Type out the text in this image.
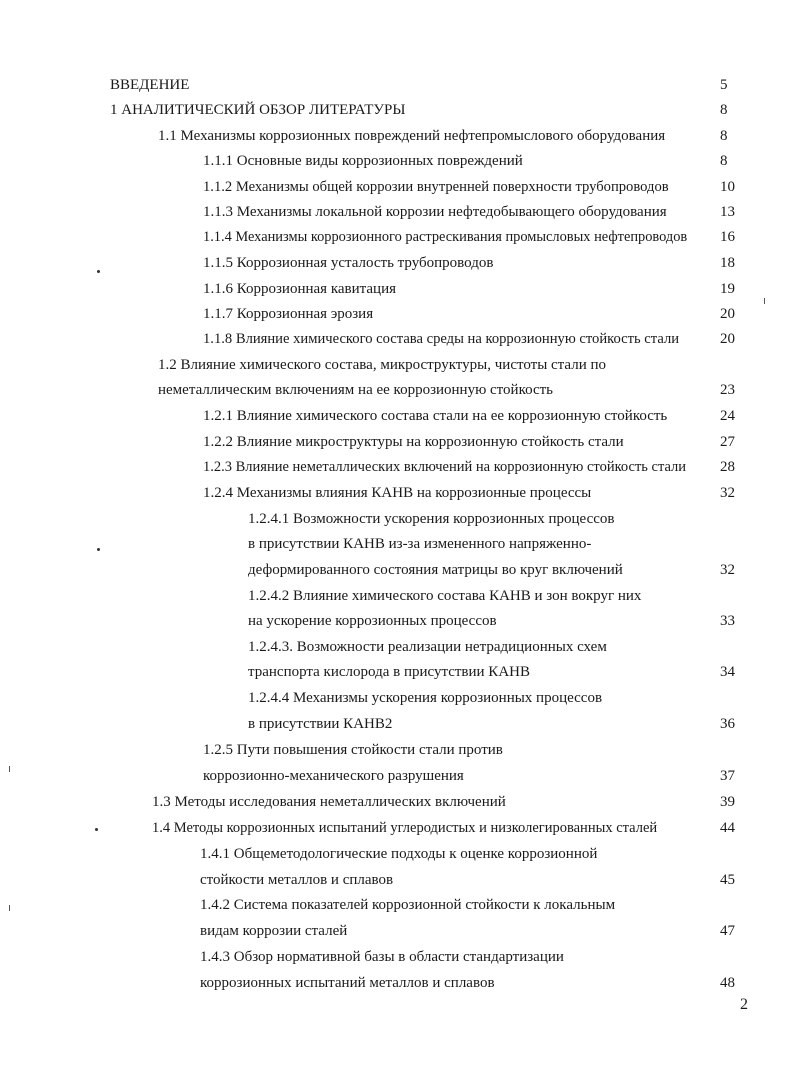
ВВЕДЕНИЕ	5
1 АНАЛИТИЧЕСКИЙ ОБЗОР ЛИТЕРАТУРЫ	8
1.1 Механизмы коррозионных повреждений нефтепромыслового оборудования	8
1.1.1 Основные виды коррозионных повреждений	8
1.1.2 Механизмы общей коррозии внутренней поверхности трубопроводов	10
1.1.3 Механизмы локальной коррозии нефтедобывающего оборудования	13
1.1.4 Механизмы коррозионного растрескивания промысловых нефтепроводов 16
1.1.5 Коррозионная усталость трубопроводов	18
1.1.6 Коррозионная кавитация	19
1.1.7 Коррозионная эрозия	20
1.1.8 Влияние химического состава среды на коррозионную стойкость стали	20
1.2 Влияние химического состава, микроструктуры, чистоты стали по
неметаллическим включениям на ее коррозионную стойкость	23
1.2.1 Влияние химического состава стали на ее коррозионную стойкость	24
1.2.2 Влияние микроструктуры на коррозионную стойкость стали	27
1.2.3 Влияние неметаллических включений на коррозионную стойкость стали 28
1.2.4 Механизмы влияния КАНВ на коррозионные процессы	32
1.2.4.1 Возможности ускорения коррозионных процессов
в присутствии КАНВ из-за измененного напряженно-
деформированного состояния матрицы во круг включений	32
1.2.4.2 Влияние химического состава КАНВ и зон вокруг них
на ускорение коррозионных процессов	33
1.2.4.3. Возможности реализации нетрадиционных схем
транспорта кислорода в присутствии КАНВ	34
1.2.4.4 Механизмы ускорения коррозионных процессов
в присутствии КАНВ2	36
1.2.5 Пути повышения стойкости стали против
коррозионно-механического разрушения	37
1.3 Методы исследования неметаллических включений	39
1.4 Методы коррозионных испытаний углеродистых и низколегированных сталей	44
1.4.1 Общеметодологические подходы к оценке коррозионной
стойкости металлов и сплавов	45
1.4.2 Система показателей коррозионной стойкости к локальным
видам коррозии сталей	47
1.4.3 Обзор нормативной базы в области стандартизации
коррозионных испытаний металлов и сплавов	48
2
